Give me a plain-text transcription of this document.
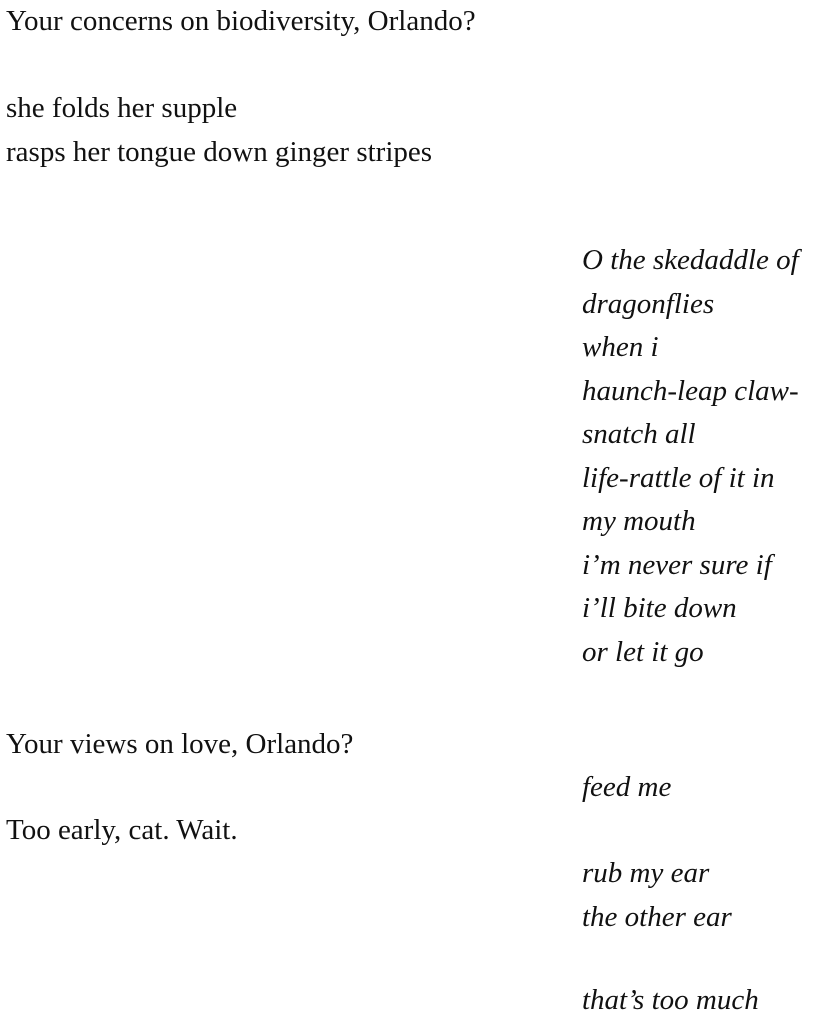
Your concerns on biodiversity, Orlando?

she folds her supple
rasps her tongue down ginger stripes
O the skedaddle of
dragonflies
when i
haunch-leap claw-
snatch all
life-rattle of it in
my mouth
i’m never sure if
i’ll bite down
or let it go

Your views on love, Orlando?

feed me

Too early, cat. Wait.

rub my ear
the other ear

that’s too much
